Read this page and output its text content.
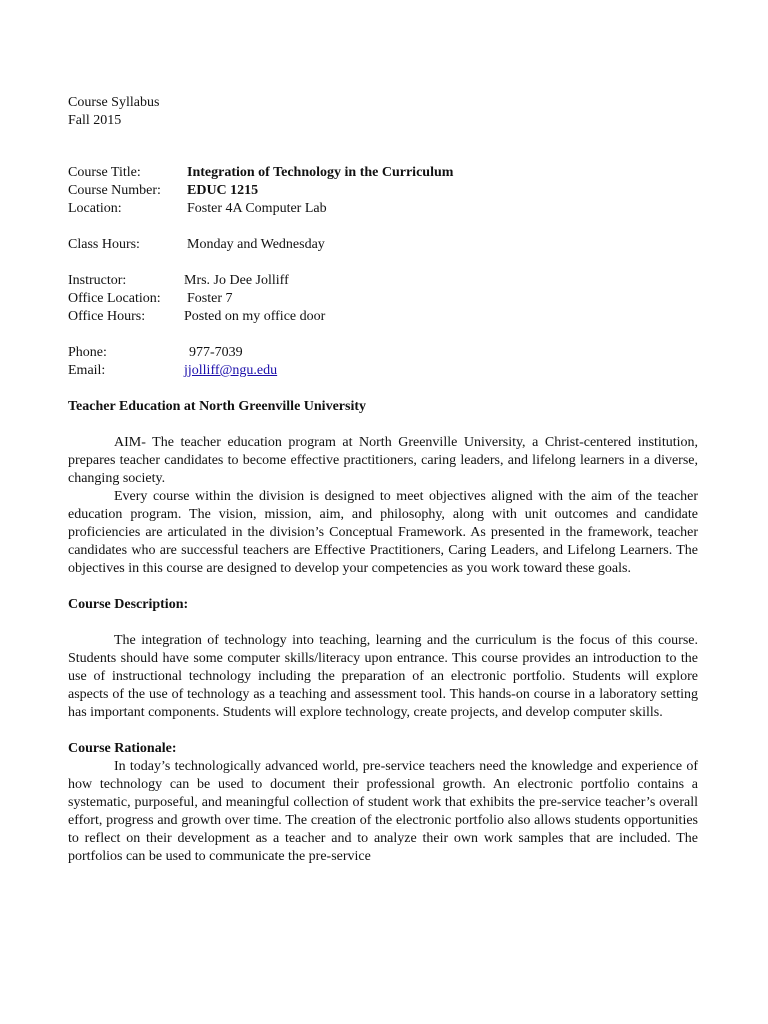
Course Syllabus
Fall 2015
Course Title:	Integration of Technology in the Curriculum
Course Number:	EDUC 1215
Location:	Foster 4A Computer Lab
Class Hours:	Monday and Wednesday
Instructor:	Mrs. Jo Dee Jolliff
Office Location:	Foster 7
Office Hours:	Posted on my office door
Phone:	977-7039
Email:	jjolliff@ngu.edu
Teacher Education at North Greenville University

AIM- The teacher education program at North Greenville University, a Christ-centered institution, prepares teacher candidates to become effective practitioners, caring leaders, and lifelong learners in a diverse, changing society.

Every course within the division is designed to meet objectives aligned with the aim of the teacher education program. The vision, mission, aim, and philosophy, along with unit outcomes and candidate proficiencies are articulated in the division’s Conceptual Framework. As presented in the framework, teacher candidates who are successful teachers are Effective Practitioners, Caring Leaders, and Lifelong Learners. The objectives in this course are designed to develop your competencies as you work toward these goals.

Course Description:

The integration of technology into teaching, learning and the curriculum is the focus of this course. Students should have some computer skills/literacy upon entrance. This course provides an introduction to the use of instructional technology including the preparation of an electronic portfolio. Students will explore aspects of the use of technology as a teaching and assessment tool. This hands-on course in a laboratory setting has important components. Students will explore technology, create projects, and develop computer skills.

Course Rationale:

In today’s technologically advanced world, pre-service teachers need the knowledge and experience of how technology can be used to document their professional growth. An electronic portfolio contains a systematic, purposeful, and meaningful collection of student work that exhibits the pre-service teacher’s overall effort, progress and growth over time. The creation of the electronic portfolio also allows students opportunities to reflect on their development as a teacher and to analyze their own work samples that are included. The portfolios can be used to communicate the pre-service
